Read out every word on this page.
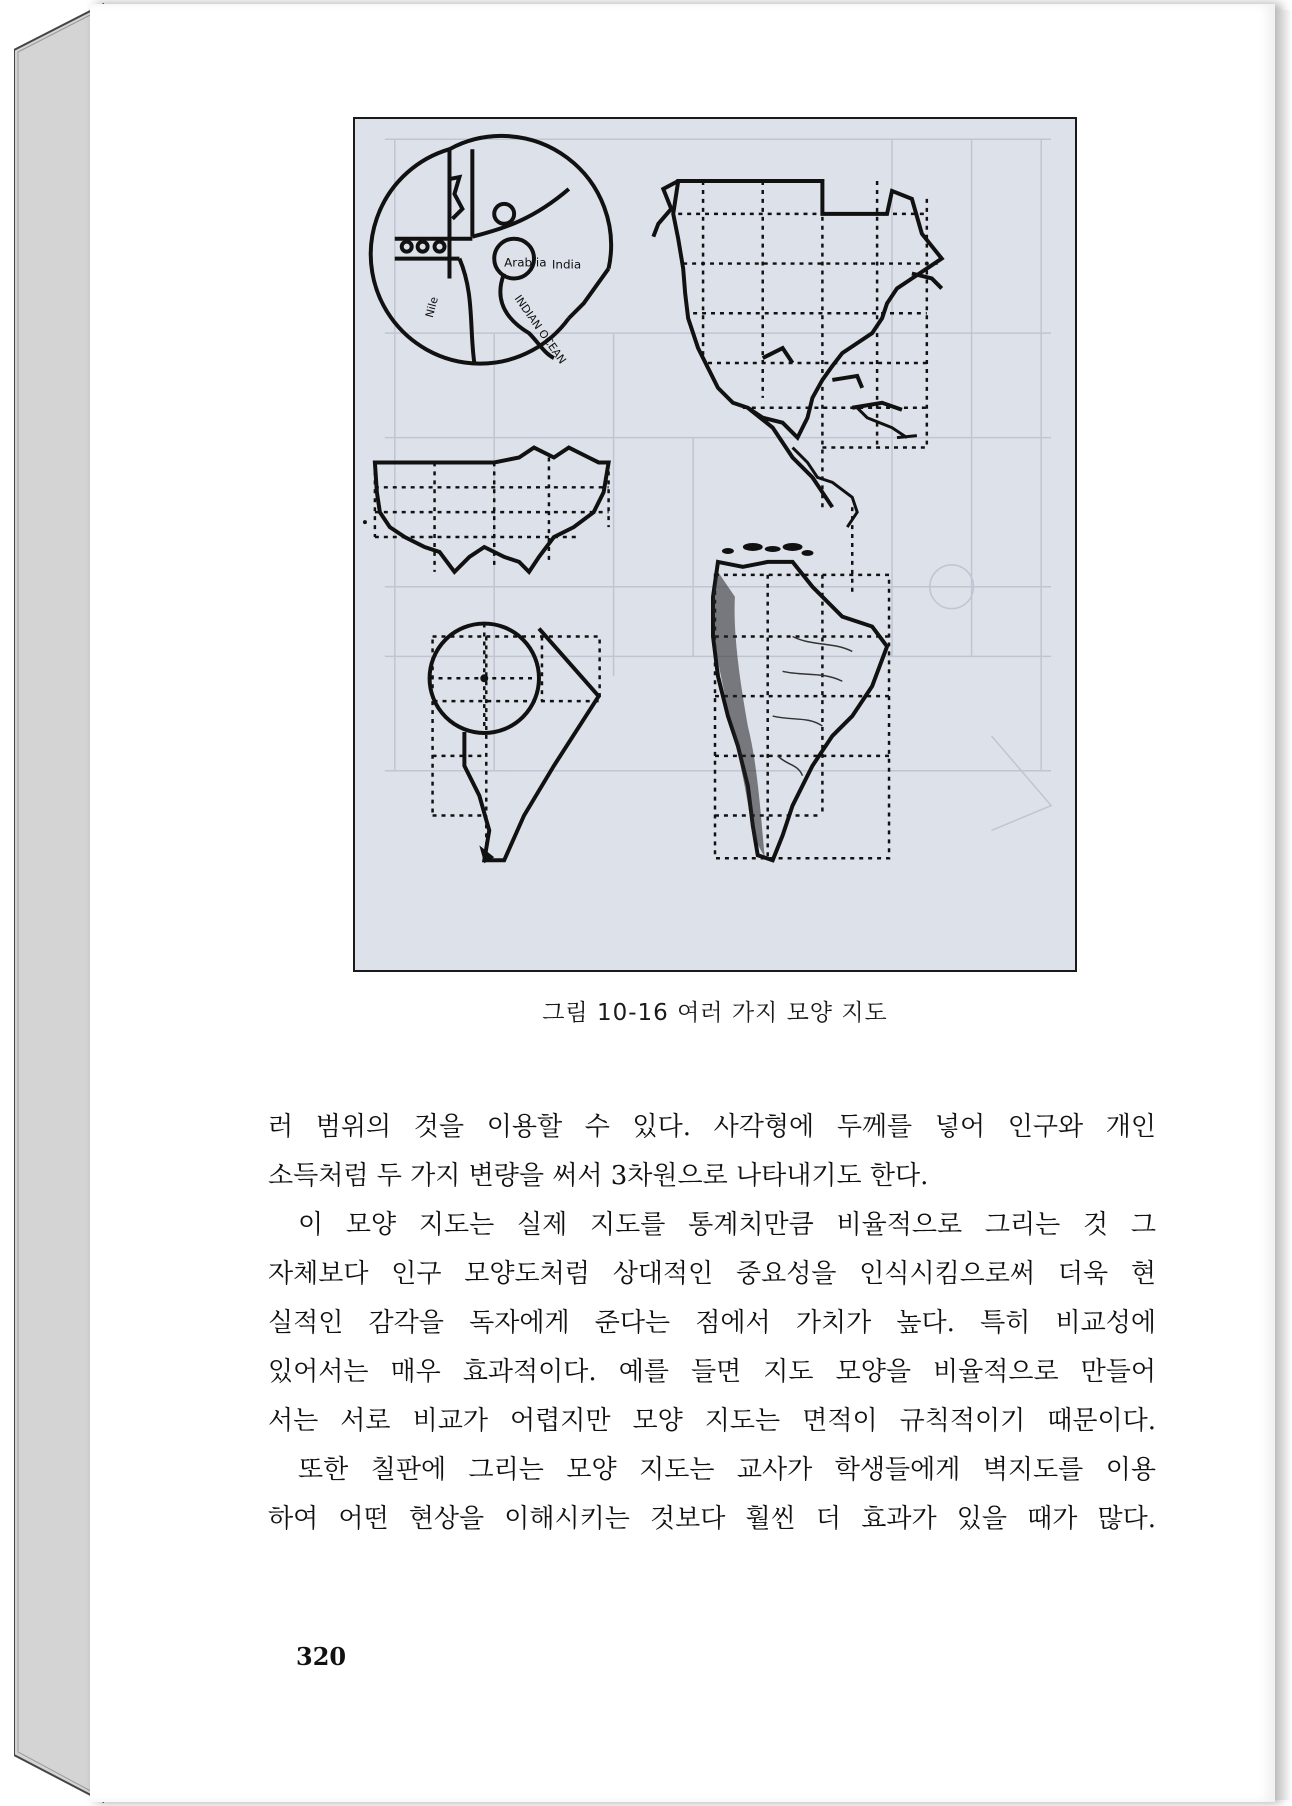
Arab ia India
INDIAN OCEAN
Nile
그림 10-16 여러 가지 모양 지도
러 범위의 것을 이용할 수 있다. 사각형에 두께를 넣어 인구와 개인
소득처럼 두 가지 변량을 써서 3차원으로 나타내기도 한다.
이 모양 지도는 실제 지도를 통계치만큼 비율적으로 그리는 것 그
자체보다 인구 모양도처럼 상대적인 중요성을 인식시킴으로써 더욱 현
실적인 감각을 독자에게 준다는 점에서 가치가 높다. 특히 비교성에
있어서는 매우 효과적이다. 예를 들면 지도 모양을 비율적으로 만들어
서는 서로 비교가 어렵지만 모양 지도는 면적이 규칙적이기 때문이다.
또한 칠판에 그리는 모양 지도는 교사가 학생들에게 벽지도를 이용
하여 어떤 현상을 이해시키는 것보다 훨씬 더 효과가 있을 때가 많다.
320
